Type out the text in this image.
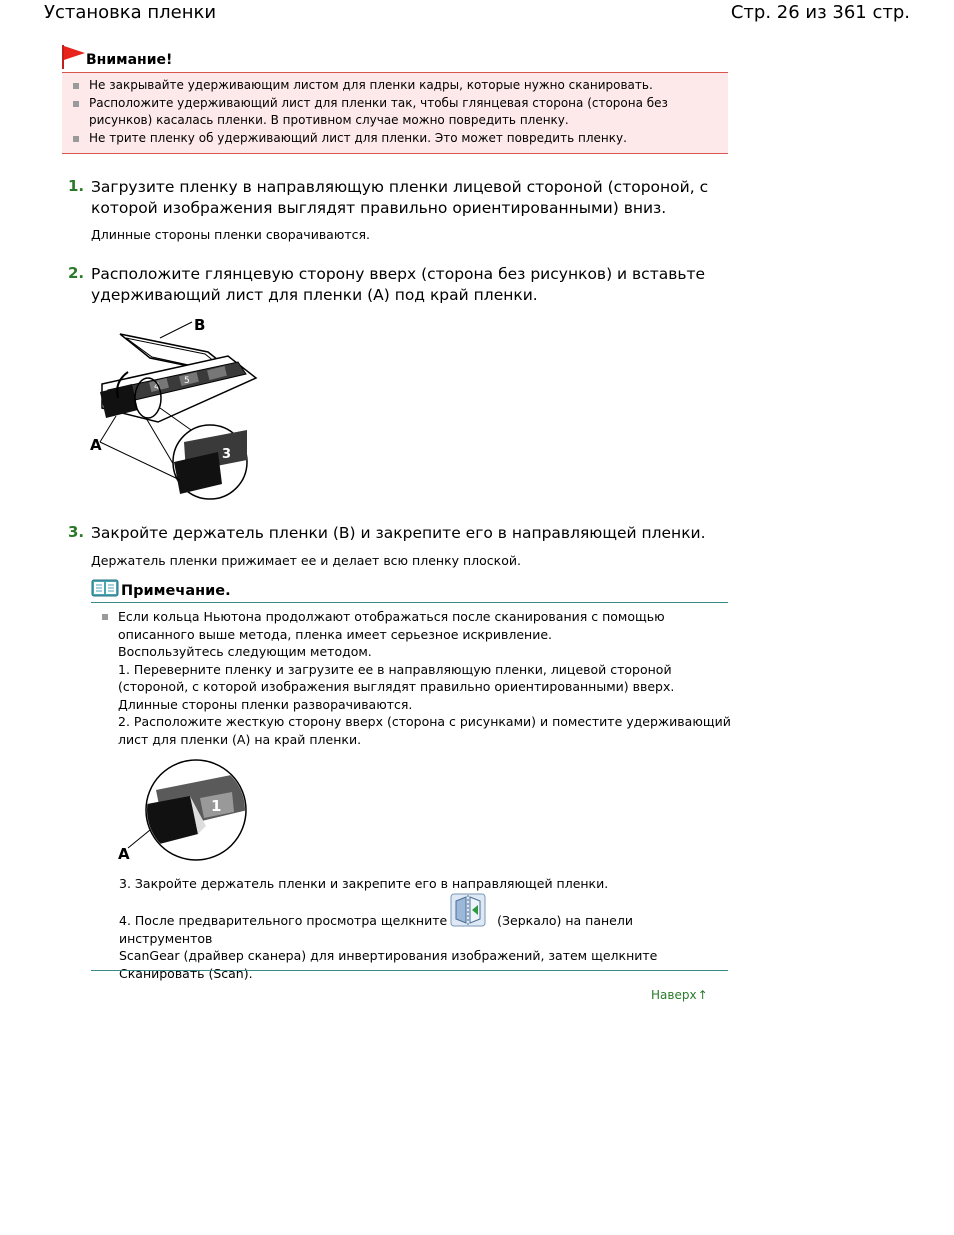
Установка пленки	Стр. 26 из 361 стр.
Внимание!
Не закрывайте удерживающим листом для пленки кадры, которые нужно сканировать.
Расположите удерживающий лист для пленки так, чтобы глянцевая сторона (сторона без
рисунков) касалась пленки. В противном случае можно повредить пленку.
Не трите пленку об удерживающий лист для пленки. Это может повредить пленку.
1. Загрузите пленку в направляющую пленки лицевой стороной (стороной, с
которой изображения выглядят правильно ориентированными) вниз.
Длинные стороны пленки сворачиваются.
2. Расположите глянцевую сторону вверх (сторона без рисунков) и вставьте
удерживающий лист для пленки (A) под край пленки.
4
5
3
A
B
3. Закройте держатель пленки (B) и закрепите его в направляющей пленки.
Держатель пленки прижимает ее и делает всю пленку плоской.
Примечание.
Если кольца Ньютона продолжают отображаться после сканирования с помощью
описанного выше метода, пленка имеет серьезное искривление.
Воспользуйтесь следующим методом.
1. Переверните пленку и загрузите ее в направляющую пленки, лицевой стороной
(стороной, с которой изображения выглядят правильно ориентированными) вверх.
Длинные стороны пленки разворачиваются.
2. Расположите жесткую сторону вверх (сторона с рисунками) и поместите удерживающий
лист для пленки (A) на край пленки.
1
A
3. Закройте держатель пленки и закрепите его в направляющей пленки.
4. После предварительного просмотра щелкните	(Зеркало) на панели инструментов
ScanGear (драйвер сканера) для инвертирования изображений, затем щелкните
Сканировать (Scan).
Наверх↑
